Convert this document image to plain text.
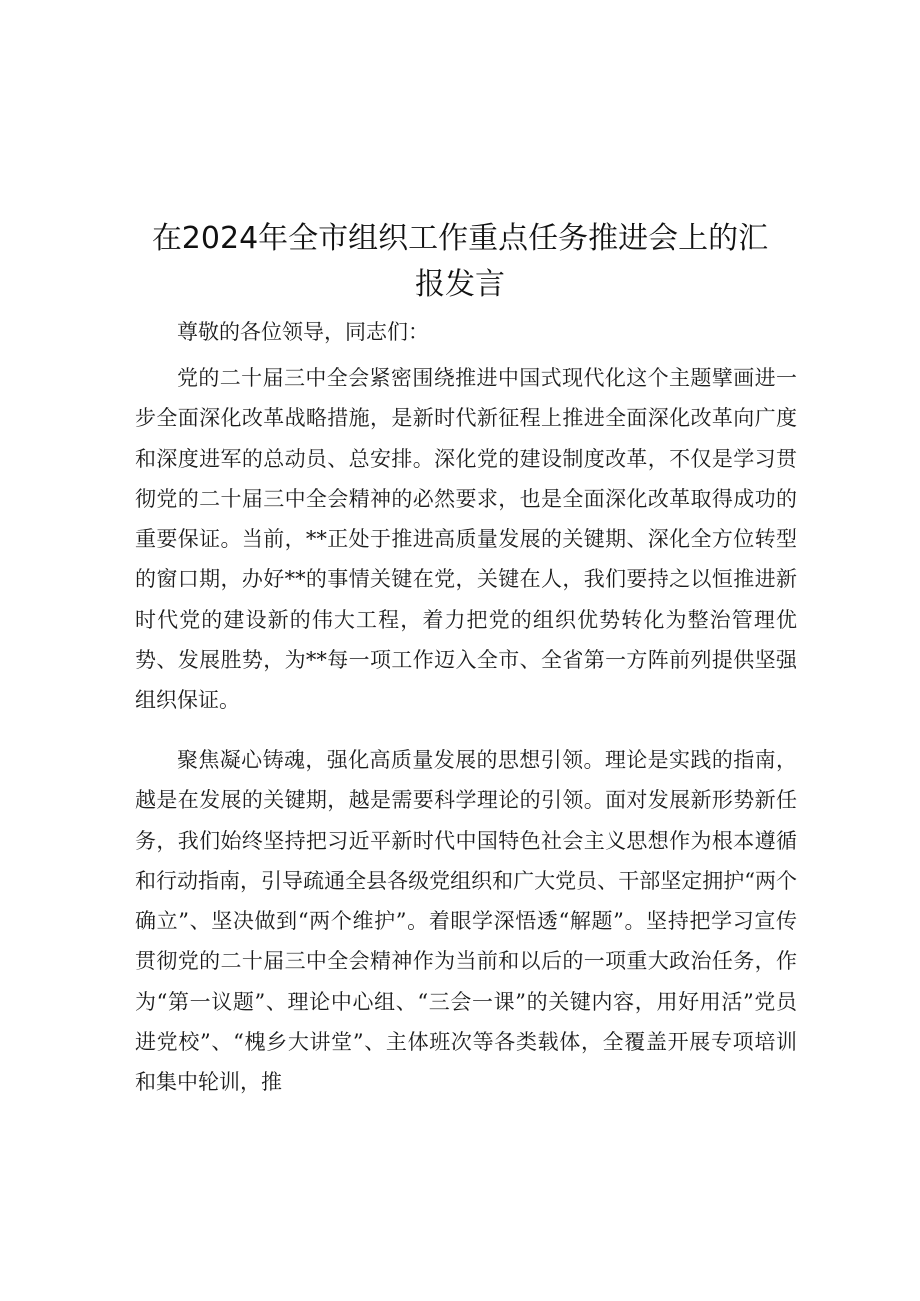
在2024年全市组织工作重点任务推进会上的汇报发言

尊敬的各位领导，同志们：

党的二十届三中全会紧密围绕推进中国式现代化这个主题擘画进一步全面深化改革战略措施，是新时代新征程上推进全面深化改革向广度和深度进军的总动员、总安排。深化党的建设制度改革，不仅是学习贯彻党的二十届三中全会精神的必然要求，也是全面深化改革取得成功的重要保证。当前，**正处于推进高质量发展的关键期、深化全方位转型的窗口期，办好**的事情关键在党，关键在人，我们要持之以恒推进新时代党的建设新的伟大工程，着力把党的组织优势转化为整治管理优势、发展胜势，为**每一项工作迈入全市、全省第一方阵前列提供坚强组织保证。

聚焦凝心铸魂，强化高质量发展的思想引领。理论是实践的指南，越是在发展的关键期，越是需要科学理论的引领。面对发展新形势新任务，我们始终坚持把习近平新时代中国特色社会主义思想作为根本遵循和行动指南，引导疏通全县各级党组织和广大党员、干部坚定拥护“两个确立”、坚决做到“两个维护”。着眼学深悟透“解题”。坚持把学习宣传贯彻党的二十届三中全会精神作为当前和以后的一项重大政治任务，作为“第一议题”、理论中心组、“三会一课”的关键内容，用好用活”党员进党校”、“槐乡大讲堂”、主体班次等各类载体，全覆盖开展专项培训和集中轮训，推
